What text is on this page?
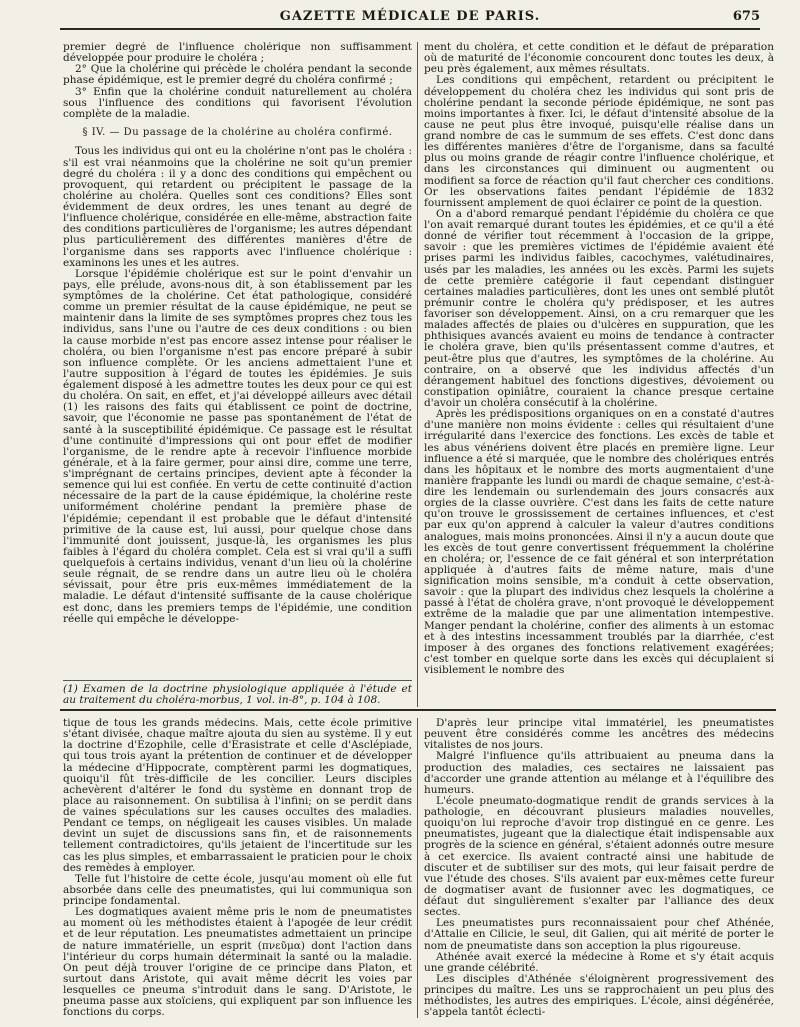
GAZETTE MÉDICALE DE PARIS.	675

premier degré de l'influence cholérique non suffisamment développée pour produire le choléra ;

2° Que la cholérine qui précède le choléra pendant la seconde phase épidémique, est le premier degré du choléra confirmé ;

3° Enfin que la cholérine conduit naturellement au choléra sous l'influence des conditions qui favorisent l'évolution complète de la maladie.

§ IV. — Du passage de la cholérine au choléra confirmé.

Tous les individus qui ont eu la cholérine n'ont pas le choléra : s'il est vrai néanmoins que la cholérine ne soit qu'un premier degré du choléra : il y a donc des conditions qui empêchent ou provoquent, qui retardent ou précipitent le passage de la cholérine au choléra. Quelles sont ces conditions? Elles sont évidemment de deux ordres, les unes tenant au degré de l'influence cholérique, considérée en elle-même, abstraction faite des conditions particulières de l'organisme; les autres dépendant plus particulièrement des différentes manières d'être de l'organisme dans ses rapports avec l'influence cholérique : examinons les unes et les autres.

Lorsque l'épidémie cholérique est sur le point d'envahir un pays, elle prélude, avons-nous dit, à son établissement par les symptômes de la cholérine. Cet état pathologique, considéré comme un premier résultat de la cause épidémique, ne peut se maintenir dans la limite de ses symptômes propres chez tous les individus, sans l'une ou l'autre de ces deux conditions : ou bien la cause morbide n'est pas encore assez intense pour réaliser le choléra, ou bien l'organisme n'est pas encore préparé à subir son influence complète. Or les anciens admettaient l'une et l'autre supposition à l'égard de toutes les épidémies. Je suis également disposé à les admettre toutes les deux pour ce qui est du choléra. On sait, en effet, et j'ai développé ailleurs avec détail (1) les raisons des faits qui établissent ce point de doctrine, savoir, que l'économie ne passe pas spontanément de l'état de santé à la susceptibilité épidémique. Ce passage est le résultat d'une continuité d'impressions qui ont pour effet de modifier l'organisme, de le rendre apte à recevoir l'influence morbide générale, et à la faire germer, pour ainsi dire, comme une terre, s'imprégnant de certains principes, devient apte à féconder la semence qui lui est confiée. En vertu de cette continuité d'action nécessaire de la part de la cause épidémique, la cholérine reste uniformément cholérine pendant la première phase de l'épidémie; cependant il est probable que le défaut d'intensité primitive de la cause est, lui aussi, pour quelque chose dans l'immunité dont jouissent, jusque-là, les organismes les plus faibles à l'égard du choléra complet. Cela est si vrai qu'il a suffi quelquefois à certains individus, venant d'un lieu où la cholérine seule régnait, de se rendre dans un autre lieu où le choléra sévissait, pour être pris eux-mêmes immédiatement de la maladie. Le défaut d'intensité suffisante de la cause cholérique est donc, dans les premiers temps de l'épidémie, une condition réelle qui empêche le développe-

(1) Examen de la doctrine physiologique appliquée à l'étude et au traitement du choléra-morbus, 1 vol. in-8°, p. 104 à 108.

ment du choléra, et cette condition et le défaut de préparation où de maturité de l'économie concourent donc toutes les deux, à peu près également, aux mêmes résultats.

Les conditions qui empêchent, retardent ou précipitent le développement du choléra chez les individus qui sont pris de cholérine pendant la seconde période épidémique, ne sont pas moins importantes à fixer. Ici, le défaut d'intensité absolue de la cause ne peut plus être invoqué, puisqu'elle réalise dans un grand nombre de cas le summum de ses effets. C'est donc dans les différentes manières d'être de l'organisme, dans sa faculté plus ou moins grande de réagir contre l'influence cholérique, et dans les circonstances qui diminuent ou augmentent ou modifient sa force de réaction qu'il faut chercher ces conditions. Or les observations faites pendant l'épidémie de 1832 fournissent amplement de quoi éclairer ce point de la question.

On a d'abord remarqué pendant l'épidémie du choléra ce que l'on avait remarqué durant toutes les épidémies, et ce qu'il a été donné de vérifier tout récemment à l'occasion de la grippe, savoir : que les premières victimes de l'épidémie avaient été prises parmi les individus faibles, cacochymes, valétudinaires, usés par les maladies, les années ou les excès. Parmi les sujets de cette première catégorie il faut cependant distinguer certaines maladies particulières, dont les unes ont semblé plutôt prémunir contre le choléra qu'y prédisposer, et les autres favoriser son développement. Ainsi, on a cru remarquer que les malades affectés de plaies ou d'ulcères en suppuration, que les phthisiques avancés avaient eu moins de tendance à contracter le choléra grave, bien qu'ils présentassent comme d'autres, et peut-être plus que d'autres, les symptômes de la cholérine. Au contraire, on a observé que les individus affectés d'un dérangement habituel des fonctions digestives, dévoiement ou constipation opiniâtre, couraient la chance presque certaine d'avoir un choléra consécutif à la cholérine.

Après les prédispositions organiques on en a constaté d'autres d'une manière non moins évidente : celles qui résultaient d'une irrégularité dans l'exercice des fonctions. Les excès de table et les abus vénériens doivent être placés en première ligne. Leur influence a été si marquée, que le nombre des cholériques entrés dans les hôpitaux et le nombre des morts augmentaient d'une manière frappante les lundi ou mardi de chaque semaine, c'est-à-dire les lendemain ou surlendemain des jours consacrés aux orgies de la classe ouvrière. C'est dans les faits de cette nature qu'on trouve le grossissement de certaines influences, et c'est par eux qu'on apprend à calculer la valeur d'autres conditions analogues, mais moins prononcées. Ainsi il n'y a aucun doute que les excès de tout genre convertissent fréquemment la cholérine en choléra; or, l'essence de ce fait général et son interprétation appliquée à d'autres faits de même nature, mais d'une signification moins sensible, m'a conduit à cette observation, savoir : que la plupart des individus chez lesquels la cholérine a passé à l'état de choléra grave, n'ont provoqué le développement extrême de la maladie que par une alimentation intempestive. Manger pendant la cholérine, confier des aliments à un estomac et à des intestins incessamment troublés par la diarrhée, c'est imposer à des organes des fonctions relativement exagérées; c'est tomber en quelque sorte dans les excès qui décuplaient si visiblement le nombre des

tique de tous les grands médecins. Mais, cette école primitive s'étant divisée, chaque maître ajouta du sien au système. Il y eut la doctrine d'Ezophile, celle d'Erasistrate et celle d'Asclépiade, qui tous trois ayant la prétention de continuer et de développer la médecine d'Hippocrate, comptèrent parmi les dogmatiques, quoiqu'il fût très-difficile de les concilier. Leurs disciples achevèrent d'altérer le fond du système en donnant trop de place au raisonnement. On subtilisa à l'infini; on se perdit dans de vaines spéculations sur les causes occultes des maladies. Pendant ce temps, on négligeait les causes visibles. Un malade devint un sujet de discussions sans fin, et de raisonnements tellement contradictoires, qu'ils jetaient de l'incertitude sur les cas les plus simples, et embarrassaient le praticien pour le choix des remèdes à employer.

Telle fut l'histoire de cette école, jusqu'au moment où elle fut absorbée dans celle des pneumatistes, qui lui communiqua son principe fondamental.

Les dogmatiques avaient même pris le nom de pneumatistes au moment où les méthodistes étaient à l'apogée de leur crédit et de leur réputation. Les pneumatistes admettaient un principe de nature immatérielle, un esprit (πνεῦμα) dont l'action dans l'intérieur du corps humain déterminait la santé ou la maladie. On peut déjà trouver l'origine de ce principe dans Platon, et surtout dans Aristote, qui avait même décrit les voies par lesquelles ce pneuma s'introduit dans le sang. D'Aristote, le pneuma passe aux stoïciens, qui expliquent par son influence les fonctions du corps.

D'après leur principe vital immatériel, les pneumatistes peuvent être considérés comme les ancêtres des médecins vitalistes de nos jours.

Malgré l'influence qu'ils attribuaient au pneuma dans la production des maladies, ces sectaires ne laissaient pas d'accorder une grande attention au mélange et à l'équilibre des humeurs.

L'école pneumato-dogmatique rendit de grands services à la pathologie, en découvrant plusieurs maladies nouvelles, quoiqu'on lui reproche d'avoir trop distingué en ce genre. Les pneumatistes, jugeant que la dialectique était indispensable aux progrès de la science en général, s'étaient adonnés outre mesure à cet exercice. Ils avaient contracté ainsi une habitude de discuter et de subtiliser sur des mots, qui leur faisait perdre de vue l'étude des choses. S'ils avaient par eux-mêmes cette fureur de dogmatiser avant de fusionner avec les dogmatiques, ce défaut dut singulièrement s'exalter par l'alliance des deux sectes.

Les pneumatistes purs reconnaissaient pour chef Athénée, d'Attalie en Cilicie, le seul, dit Galien, qui ait mérité de porter le nom de pneumatiste dans son acception la plus rigoureuse.

Athénée avait exercé la médecine à Rome et s'y était acquis une grande célébrité.

Les disciples d'Athénée s'éloignèrent progressivement des principes du maître. Les uns se rapprochaient un peu plus des méthodistes, les autres des empiriques. L'école, ainsi dégénérée, s'appela tantôt éclecti-
